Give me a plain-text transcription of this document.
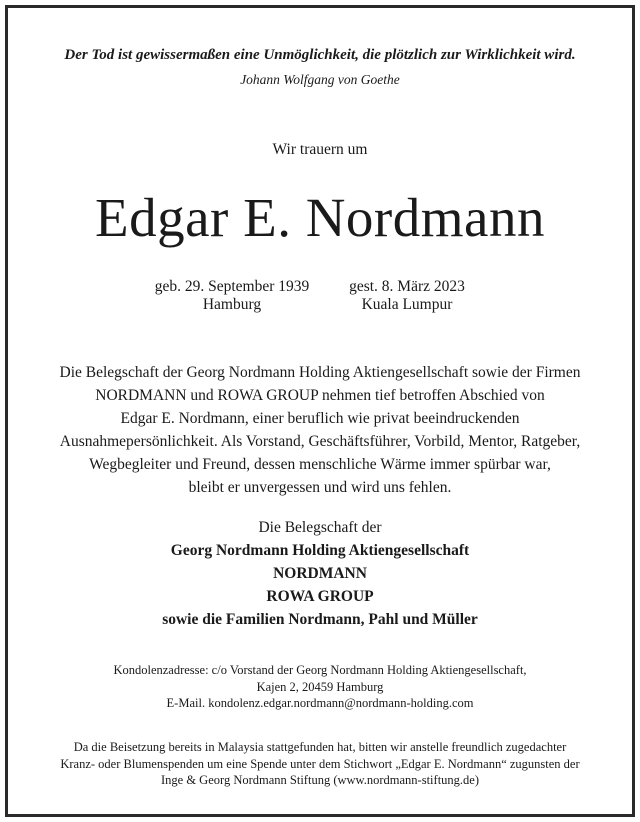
Der Tod ist gewissermaßen eine Unmöglichkeit, die plötzlich zur Wirklichkeit wird.
Johann Wolfgang von Goethe
Wir trauern um
Edgar E. Nordmann
geb. 29. September 1939
Hamburg
gest. 8. März 2023
Kuala Lumpur
Die Belegschaft der Georg Nordmann Holding Aktiengesellschaft sowie der Firmen
NORDMANN und ROWA GROUP nehmen tief betroffen Abschied von
Edgar E. Nordmann, einer beruflich wie privat beeindruckenden
Ausnahmepersönlichkeit. Als Vorstand, Geschäftsführer, Vorbild, Mentor, Ratgeber,
Wegbegleiter und Freund, dessen menschliche Wärme immer spürbar war,
bleibt er unvergessen und wird uns fehlen.
Die Belegschaft der
Georg Nordmann Holding Aktiengesellschaft
NORDMANN
ROWA GROUP
sowie die Familien Nordmann, Pahl und Müller
Kondolenzadresse: c/o Vorstand der Georg Nordmann Holding Aktiengesellschaft,
Kajen 2, 20459 Hamburg
E-Mail. kondolenz.edgar.nordmann@nordmann-holding.com
Da die Beisetzung bereits in Malaysia stattgefunden hat, bitten wir anstelle freundlich zugedachter
Kranz- oder Blumenspenden um eine Spende unter dem Stichwort „Edgar E. Nordmann“ zugunsten der
Inge & Georg Nordmann Stiftung (www.nordmann-stiftung.de)
